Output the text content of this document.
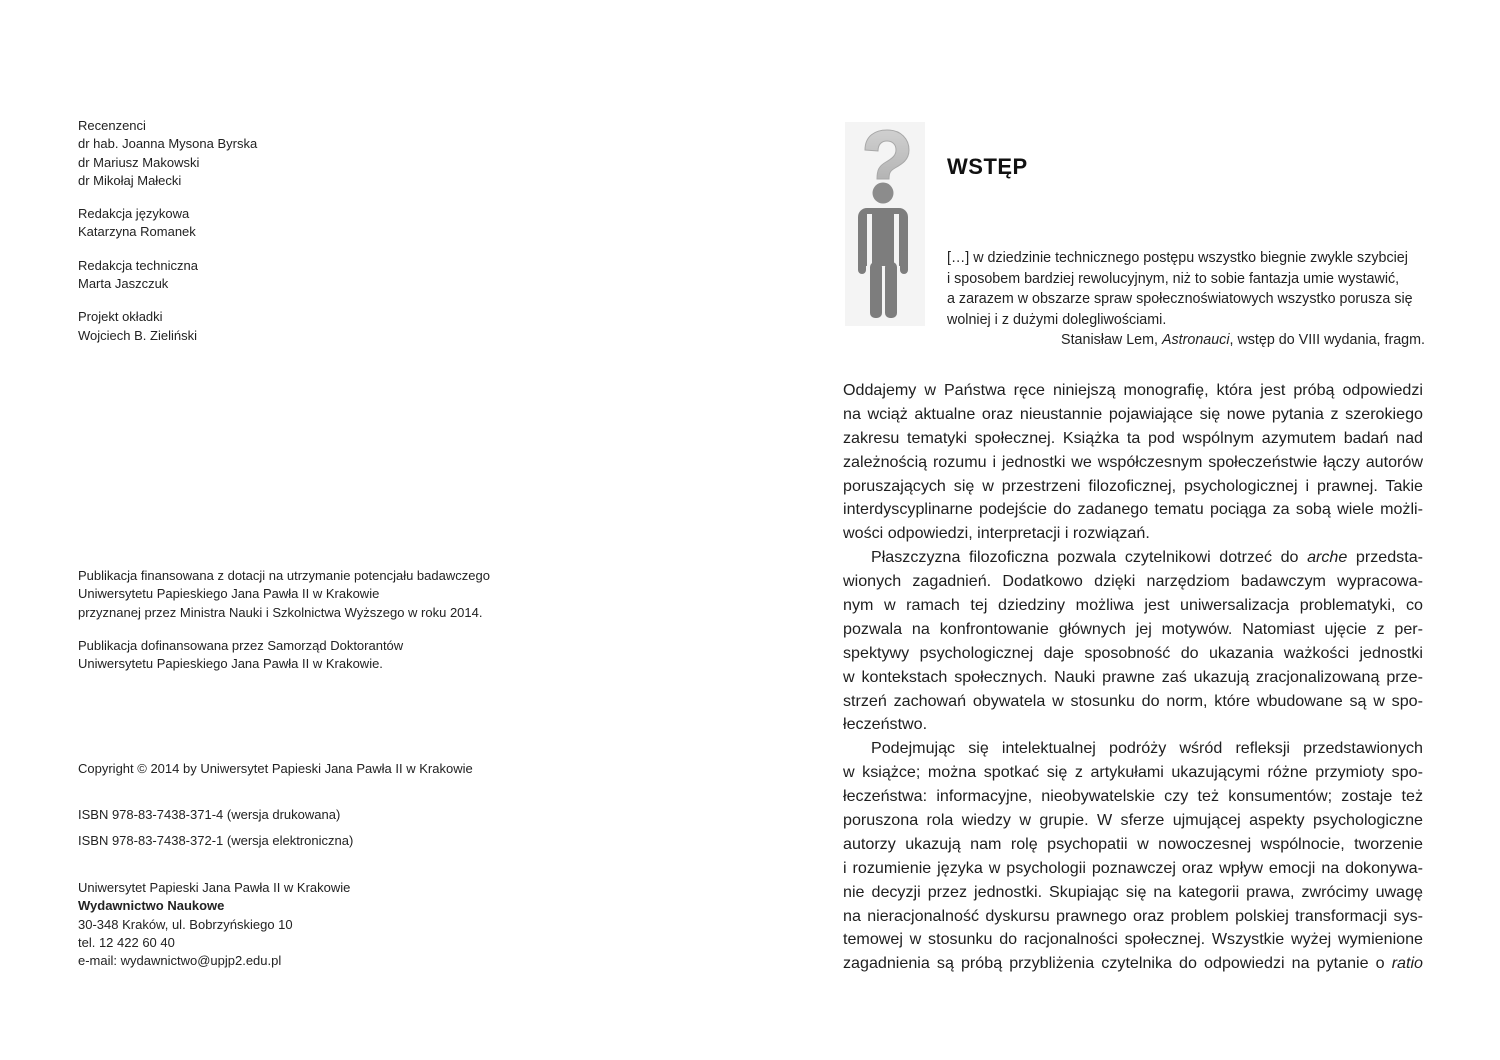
Recenzenci
dr hab. Joanna Mysona Byrska
dr Mariusz Makowski
dr Mikołaj Małecki
Redakcja językowa
Katarzyna Romanek
Redakcja techniczna
Marta Jaszczuk
Projekt okładki
Wojciech B. Zieliński
Publikacja finansowana z dotacji na utrzymanie potencjału badawczego
Uniwersytetu Papieskiego Jana Pawła II w Krakowie
przyznanej przez Ministra Nauki i Szkolnictwa Wyższego w roku 2014.
Publikacja dofinansowana przez Samorząd Doktorantów
Uniwersytetu Papieskiego Jana Pawła II w Krakowie.
Copyright © 2014 by Uniwersytet Papieski Jana Pawła II w Krakowie
ISBN 978-83-7438-371-4 (wersja drukowana)
ISBN 978-83-7438-372-1 (wersja elektroniczna)
Uniwersytet Papieski Jana Pawła II w Krakowie
Wydawnictwo Naukowe
30-348 Kraków, ul. Bobrzyńskiego 10
tel. 12 422 60 40
e-mail: wydawnictwo@upjp2.edu.pl
WSTĘP
[…] w dziedzinie technicznego postępu wszystko biegnie zwykle szybciej
i sposobem bardziej rewolucyjnym, niż to sobie fantazja umie wystawić,
a zarazem w obszarze spraw społecznoświatowych wszystko porusza się
wolniej i z dużymi dolegliwościami.
Stanisław Lem, Astronauci, wstęp do VIII wydania, fragm.
Oddajemy w Państwa ręce niniejszą monografię, która jest próbą odpowiedzi
na wciąż aktualne oraz nieustannie pojawiające się nowe pytania z szerokiego
zakresu tematyki społecznej. Książka ta pod wspólnym azymutem badań nad
zależnością rozumu i jednostki we współczesnym społeczeństwie łączy autorów
poruszających się w przestrzeni filozoficznej, psychologicznej i prawnej. Takie
interdyscyplinarne podejście do zadanego tematu pociąga za sobą wiele możli-
wości odpowiedzi, interpretacji i rozwiązań.
Płaszczyzna filozoficzna pozwala czytelnikowi dotrzeć do arche przedsta-
wionych zagadnień. Dodatkowo dzięki narzędziom badawczym wypracowa-
nym w ramach tej dziedziny możliwa jest uniwersalizacja problematyki, co
pozwala na konfrontowanie głównych jej motywów. Natomiast ujęcie z per-
spektywy psychologicznej daje sposobność do ukazania ważkości jednostki
w kontekstach społecznych. Nauki prawne zaś ukazują zracjonalizowaną prze-
strzeń zachowań obywatela w stosunku do norm, które wbudowane są w spo-
łeczeństwo.
Podejmując się intelektualnej podróży wśród refleksji przedstawionych
w książce; można spotkać się z artykułami ukazującymi różne przymioty spo-
łeczeństwa: informacyjne, nieobywatelskie czy też konsumentów; zostaje też
poruszona rola wiedzy w grupie. W sferze ujmującej aspekty psychologiczne
autorzy ukazują nam rolę psychopatii w nowoczesnej wspólnocie, tworzenie
i rozumienie języka w psychologii poznawczej oraz wpływ emocji na dokonywa-
nie decyzji przez jednostki. Skupiając się na kategorii prawa, zwrócimy uwagę
na nieracjonalność dyskursu prawnego oraz problem polskiej transformacji sys-
temowej w stosunku do racjonalności społecznej. Wszystkie wyżej wymienione
zagadnienia są próbą przybliżenia czytelnika do odpowiedzi na pytanie o ratio
